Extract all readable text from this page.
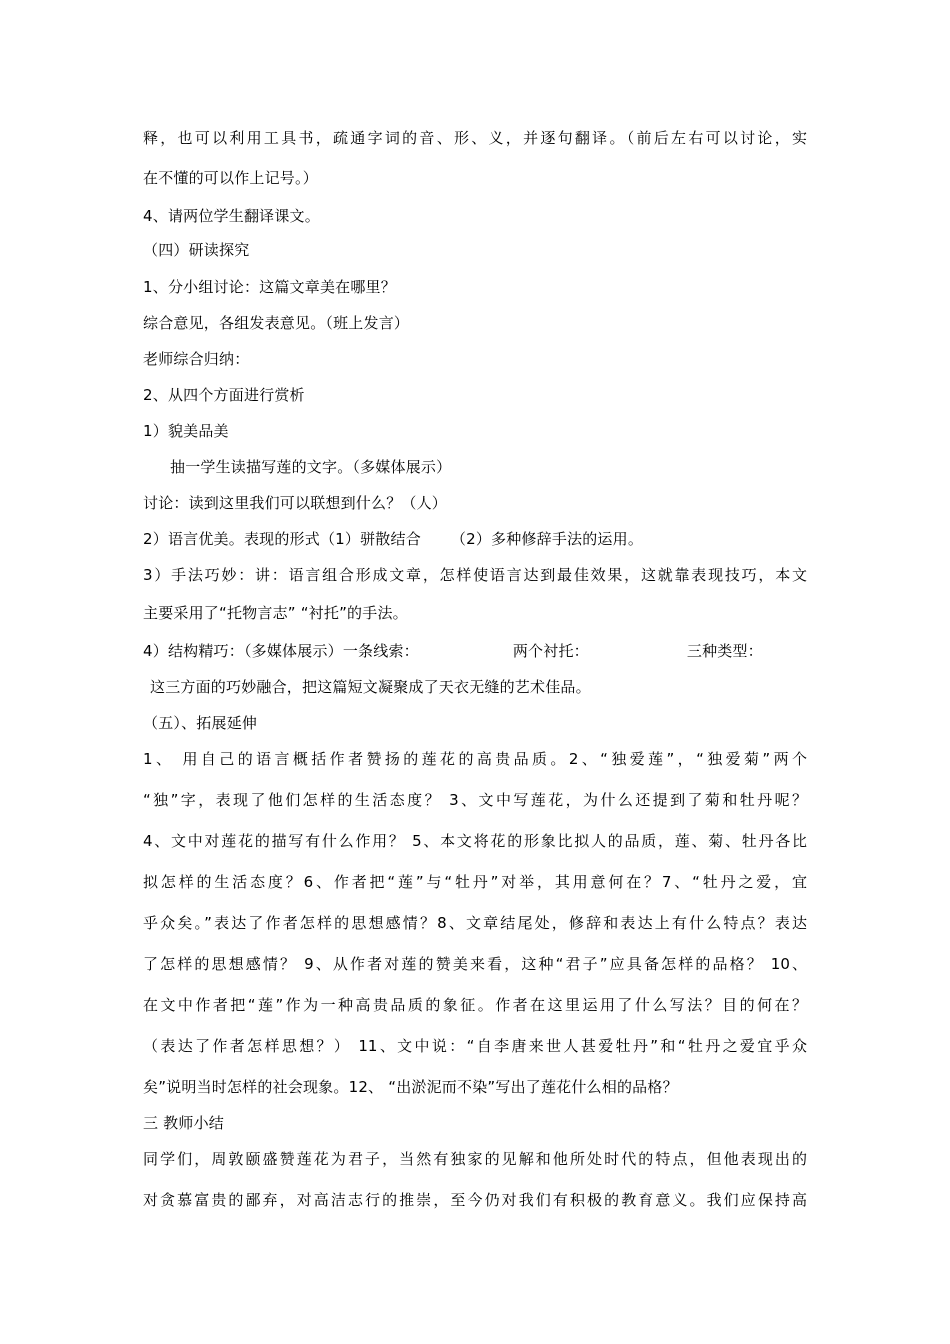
释，也可以利用工具书，疏通字词的音、形、义，并逐句翻译。（前后左右可以讨论，实
在不懂的可以作上记号。）
4、请两位学生翻译课文。
（四）研读探究
1、分小组讨论：这篇文章美在哪里？
综合意见，各组发表意见。（班上发言）
老师综合归纳：
2、从四个方面进行赏析
1）貌美品美
抽一学生读描写莲的文字。（多媒体展示）
讨论：读到这里我们可以联想到什么？（人）
2）语言优美。表现的形式（1）骈散结合 （2）多种修辞手法的运用。
3）手法巧妙：讲：语言组合形成文章，怎样使语言达到最佳效果，这就靠表现技巧，本文
主要采用了“托物言志” “衬托”的手法。
4）结构精巧：（多媒体展示）一条线索：	两个衬托：	三种类型：
这三方面的巧妙融合，把这篇短文凝聚成了天衣无缝的艺术佳品。
（五）、拓展延伸
1、 用自己的语言概括作者赞扬的莲花的高贵品质。2、“独爱莲”，“独爱菊”两个
“独”字，表现了他们怎样的生活态度？ 3、文中写莲花，为什么还提到了菊和牡丹呢？
4、文中对莲花的描写有什么作用？ 5、本文将花的形象比拟人的品质，莲、菊、牡丹各比
拟怎样的生活态度？6、作者把“莲”与“牡丹”对举，其用意何在？7、“牡丹之爱，宜
乎众矣。”表达了作者怎样的思想感情？8、文章结尾处，修辞和表达上有什么特点？表达
了怎样的思想感情？ 9、从作者对莲的赞美来看，这种“君子”应具备怎样的品格？ 10、
在文中作者把“莲”作为一种高贵品质的象征。作者在这里运用了什么写法？目的何在？
（表达了作者怎样思想？） 11、文中说：“自李唐来世人甚爱牡丹”和“牡丹之爱宜乎众
矣”说明当时怎样的社会现象。12、 “出淤泥而不染”写出了莲花什么相的品格？
三 教师小结
同学们，周敦颐盛赞莲花为君子，当然有独家的见解和他所处时代的特点，但他表现出的
对贪慕富贵的鄙弃，对高洁志行的推崇，至今仍对我们有积极的教育意义。我们应保持高
